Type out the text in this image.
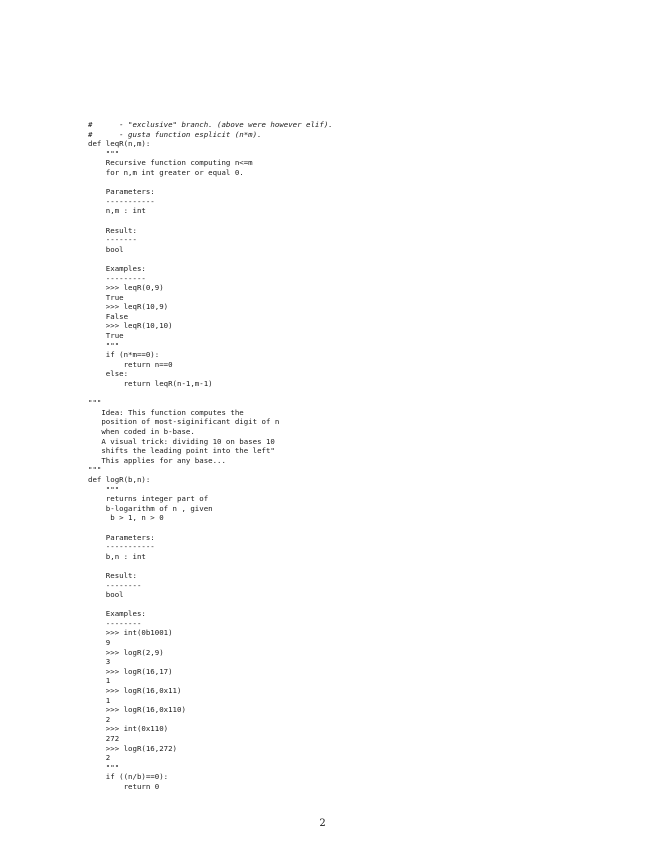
#      - "exclusive" branch. (above were however elif).
#      - gusta function esplicit (n*m).
def leqR(n,m):
"""
Recursive function computing n<=m
for n,m int greater or equal 0.
Parameters:
-----------
n,m : int
Result:
-------
bool
Examples:
---------
>>> leqR(0,9)
True
>>> leqR(10,9)
False
>>> leqR(10,10)
True
"""
if (n*m==0):
return n==0
else:
return leqR(n-1,m-1)
"""
Idea: This function computes the
position of most-siginificant digit of n
when coded in b-base.
A visual trick: dividing 10 on bases 10
shifts the leading point into the left"
This applies for any base...
"""
def logR(b,n):
"""
returns integer part of
b-logarithm of n , given
b > 1, n > 0
Parameters:
-----------
b,n : int
Result:
--------
bool
Examples:
--------
>>> int(0b1001)
9
>>> logR(2,9)
3
>>> logR(16,17)
1
>>> logR(16,0x11)
1
>>> logR(16,0x110)
2
>>> int(0x110)
272
>>> logR(16,272)
2
"""
if ((n/b)==0):
return 0
2
